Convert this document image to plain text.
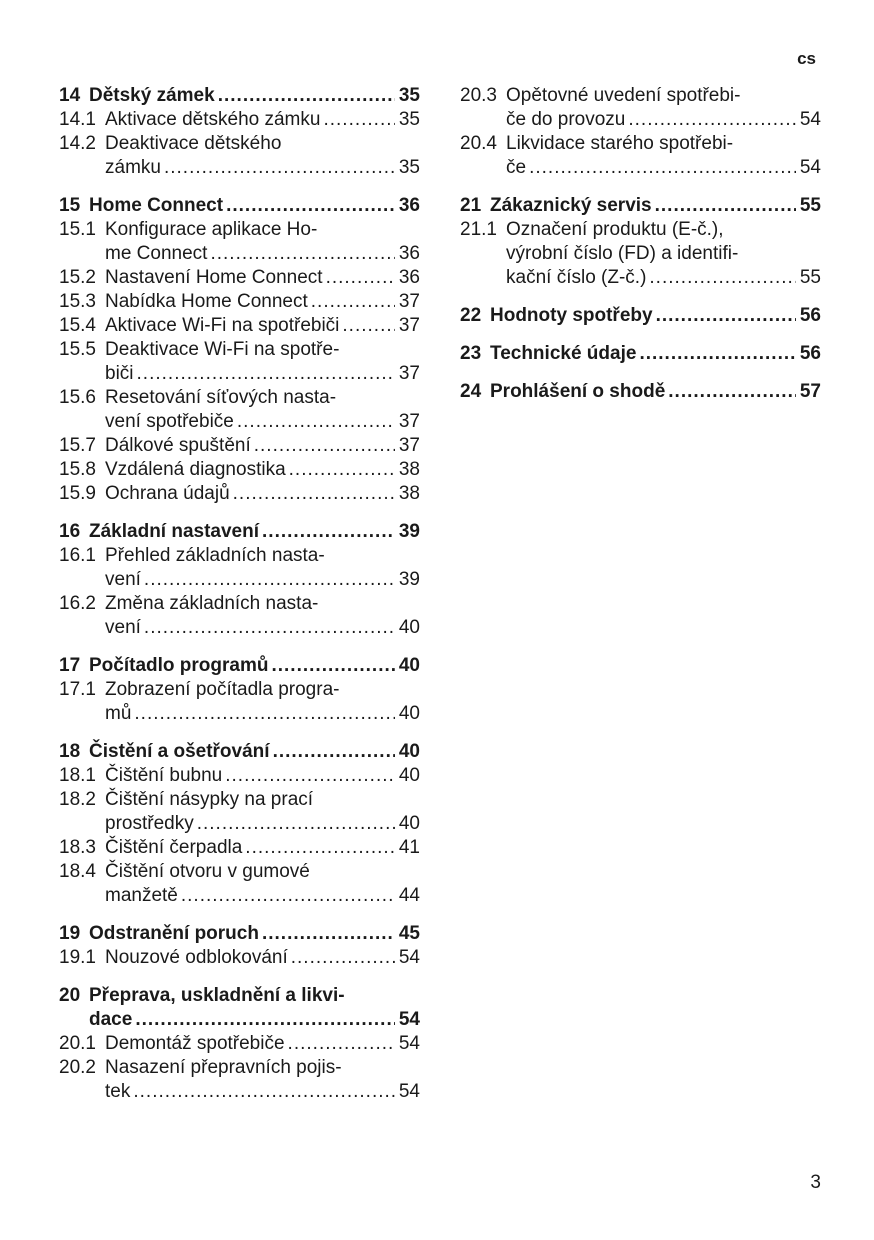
cs
14 Dětský zámek .....	35
14.1 Aktivace dětského zámku .....	35
14.2 Deaktivace dětského
zámku .....	35
15 Home Connect .....	36
15.1 Konfigurace aplikace Ho-
me Connect .....	36
15.2 Nastavení Home Connect .....	36
15.3 Nabídka Home Connect .....	37
15.4 Aktivace Wi-Fi na spotřebiči .....	37
15.5 Deaktivace Wi-Fi na spotře-
biči .....	37
15.6 Resetování síťových nasta-
vení spotřebiče .....	37
15.7 Dálkové spuštění .....	37
15.8 Vzdálená diagnostika .....	38
15.9 Ochrana údajů .....	38
16 Základní nastavení .....	39
16.1 Přehled základních nasta-
vení .....	39
16.2 Změna základních nasta-
vení .....	40
17 Počítadlo programů .....	40
17.1 Zobrazení počítadla progra-
mů .....	40
18 Čistění a ošetřování .....	40
18.1 Čištění bubnu .....	40
18.2 Čištění násypky na prací
prostředky .....	40
18.3 Čištění čerpadla .....	41
18.4 Čištění otvoru v gumové
manžetě .....	44
19 Odstranění poruch .....	45
19.1 Nouzové odblokování .....	54
20 Přeprava, uskladnění a likvi-
dace .....	54
20.1 Demontáž spotřebiče .....	54
20.2 Nasazení přepravních pojis-
tek .....	54
20.3 Opětovné uvedení spotřebi-
če do provozu .....	54
20.4 Likvidace starého spotřebi-
če .....	54
21 Zákaznický servis .....	55
21.1 Označení produktu (E-č.),
výrobní číslo (FD) a identifi-
kační číslo (Z-č.) .....	55
22 Hodnoty spotřeby .....	56
23 Technické údaje .....	56
24 Prohlášení o shodě .....	57
3
